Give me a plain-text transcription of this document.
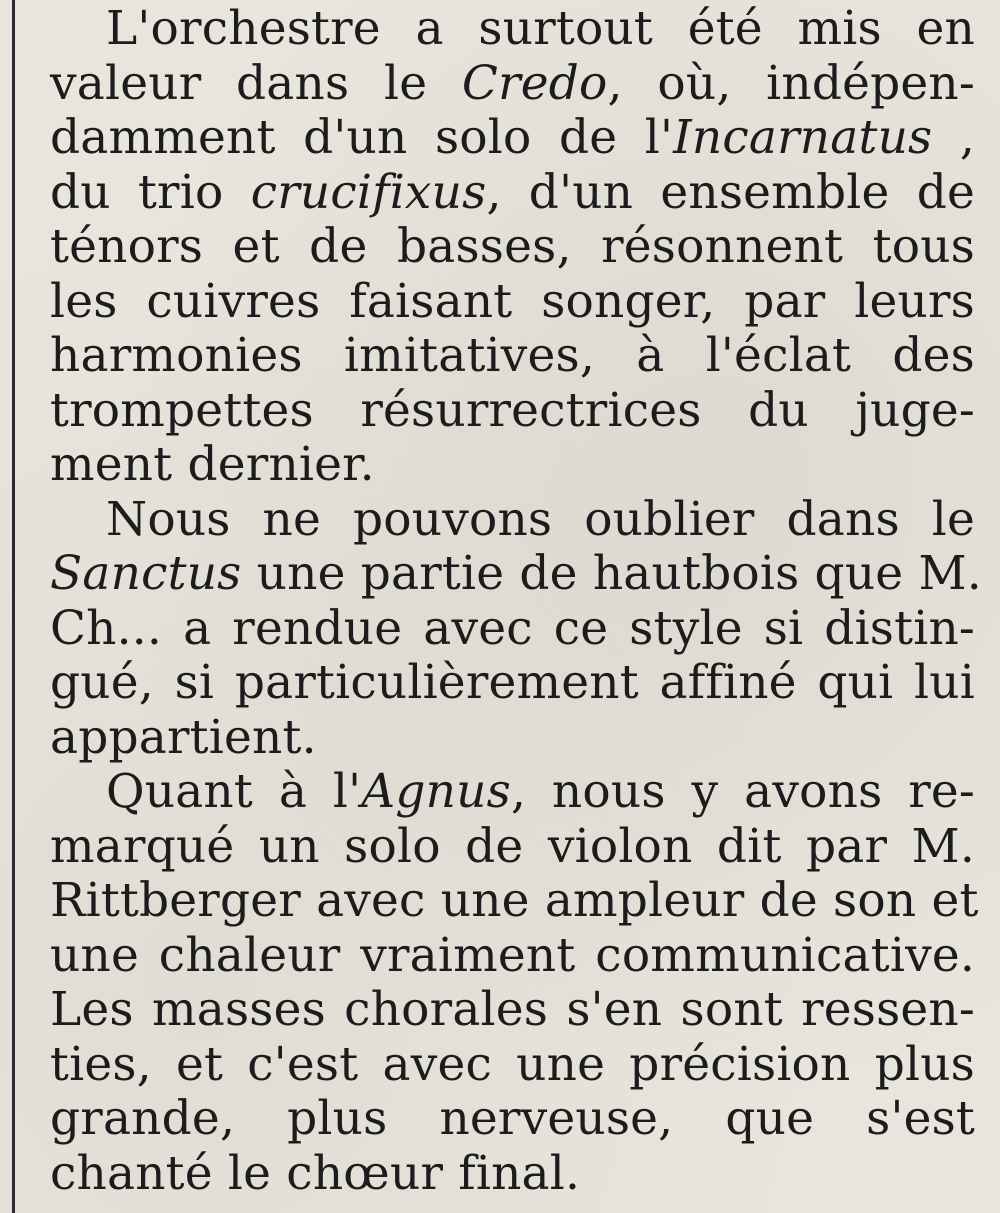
L'orchestre a surtout été mis en
valeur dans le Credo, où, indépen-
damment d'un solo de l'Incarnatus ,
du trio crucifixus, d'un ensemble de
ténors et de basses, résonnent tous
les cuivres faisant songer, par leurs
harmonies imitatives, à l'éclat des
trompettes résurrectrices du juge-
ment dernier.
Nous ne pouvons oublier dans le
Sanctus une partie de hautbois que M.
Ch... a rendue avec ce style si distin-
gué, si particulièrement affiné qui lui
appartient.
Quant à l'Agnus, nous y avons re-
marqué un solo de violon dit par M.
Rittberger avec une ampleur de son et
une chaleur vraiment communicative.
Les masses chorales s'en sont ressen-
ties, et c'est avec une précision plus
grande, plus nerveuse, que s'est
chanté le chœur final.
